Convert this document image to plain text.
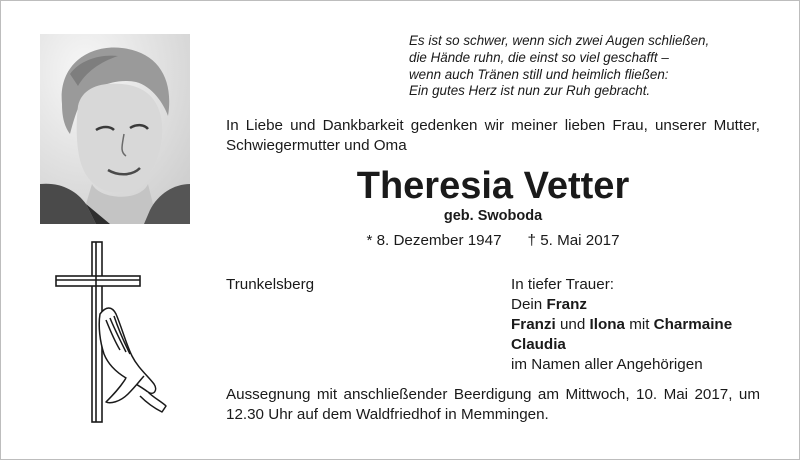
Es ist so schwer, wenn sich zwei Augen schließen,
die Hände ruhn, die einst so viel geschafft –
wenn auch Tränen still und heimlich fließen:
Ein gutes Herz ist nun zur Ruh gebracht.
In Liebe und Dankbarkeit gedenken wir meiner lieben Frau, unserer Mutter, Schwiegermutter und Oma
Theresia Vetter
geb. Swoboda
* 8. Dezember 1947 † 5. Mai 2017
Trunkelsberg	In tiefer Trauer:
Dein Franz
Franzi und Ilona mit Charmaine
Claudia
im Namen aller Angehörigen
Aussegnung mit anschließender Beerdigung am Mittwoch, 10. Mai 2017, um 12.30 Uhr auf dem Waldfriedhof in Memmingen.
